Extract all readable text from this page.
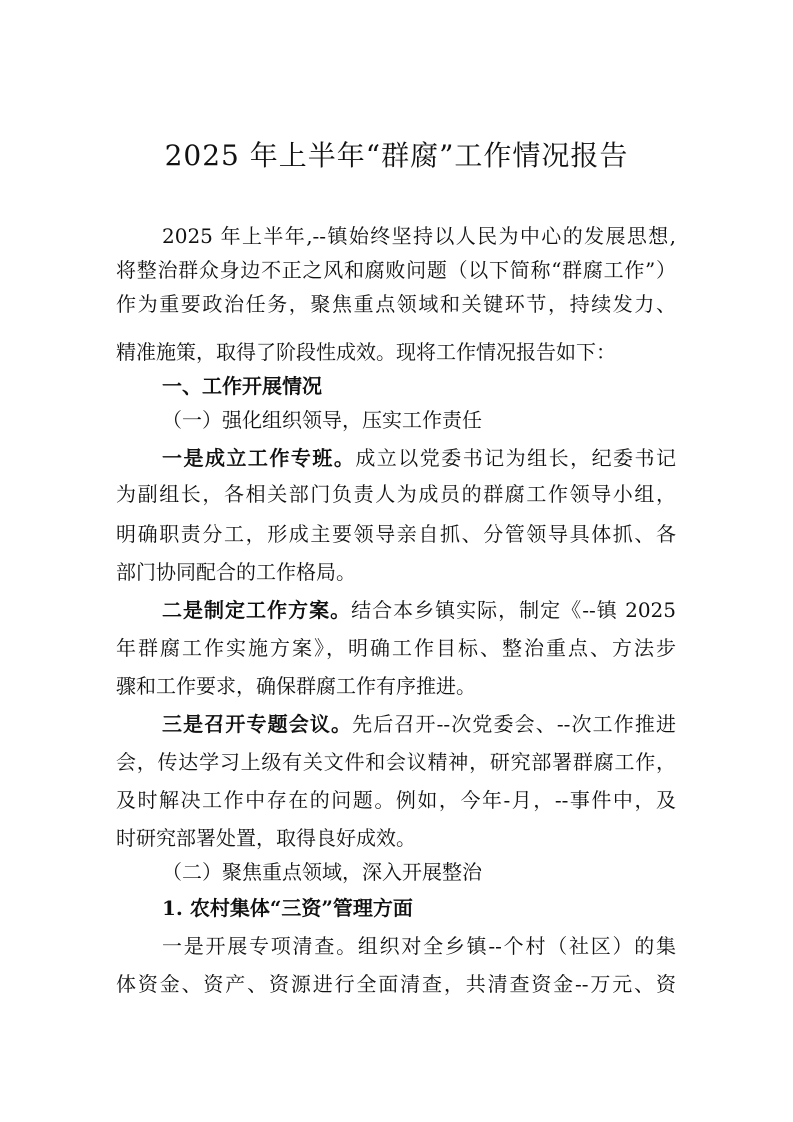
2025 年上半年“群腐”工作情况报告
2025 年上半年,--镇始终坚持以人民为中心的发展思想,
将整治群众身边不正之风和腐败问题（以下简称“群腐工作”）
作为重要政治任务，聚焦重点领域和关键环节，持续发力、
精准施策，取得了阶段性成效。现将工作情况报告如下：
一、工作开展情况
（一）强化组织领导，压实工作责任
一是成立工作专班。成立以党委书记为组长，纪委书记
为副组长，各相关部门负责人为成员的群腐工作领导小组，
明确职责分工，形成主要领导亲自抓、分管领导具体抓、各
部门协同配合的工作格局。
二是制定工作方案。结合本乡镇实际，制定《--镇 2025
年群腐工作实施方案》，明确工作目标、整治重点、方法步
骤和工作要求，确保群腐工作有序推进。
三是召开专题会议。先后召开--次党委会、--次工作推进
会，传达学习上级有关文件和会议精神，研究部署群腐工作，
及时解决工作中存在的问题。例如，今年-月，--事件中，及
时研究部署处置，取得良好成效。
（二）聚焦重点领域，深入开展整治
1. 农村集体“三资”管理方面
一是开展专项清查。组织对全乡镇--个村（社区）的集
体资金、资产、资源进行全面清查，共清查资金--万元、资
